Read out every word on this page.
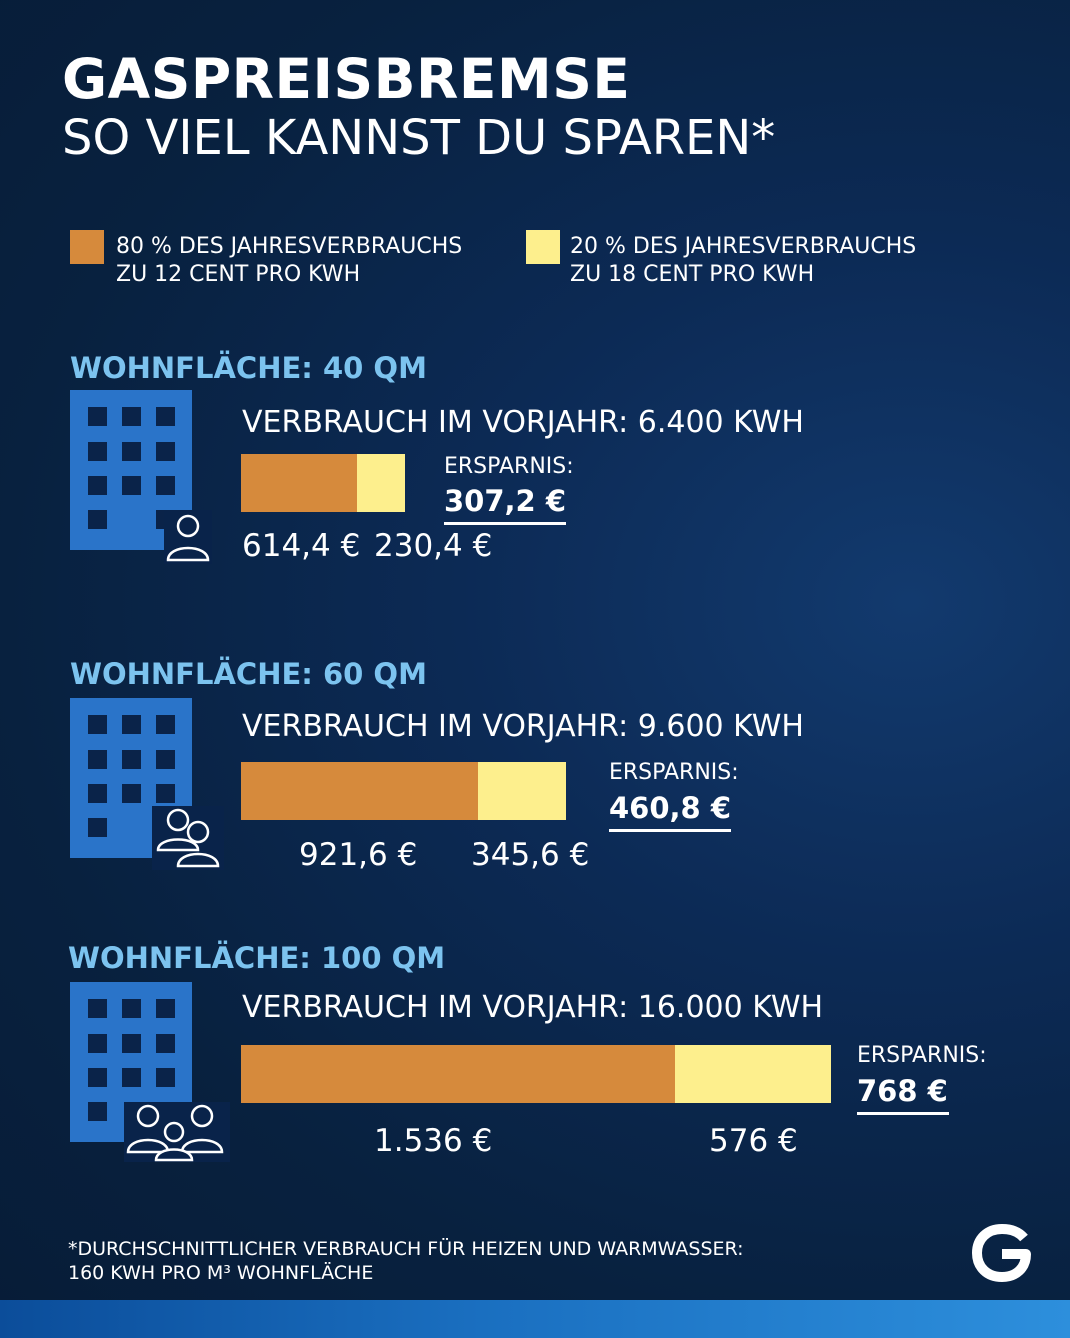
GASPREISBREMSE
SO VIEL KANNST DU SPAREN*
80 % DES JAHRESVERBRAUCHS
ZU 12 CENT PRO KWH
20 % DES JAHRESVERBRAUCHS
ZU 18 CENT PRO KWH
WOHNFLÄCHE: 40 QM
VERBRAUCH IM VORJAHR: 6.400 KWH
ERSPARNIS:
307,2 €
614,4 € 230,4 €
WOHNFLÄCHE: 60 QM
VERBRAUCH IM VORJAHR: 9.600 KWH
ERSPARNIS:
460,8 €
921,6 € 345,6 €
WOHNFLÄCHE: 100 QM
VERBRAUCH IM VORJAHR: 16.000 KWH
ERSPARNIS:
768 €
1.536 €	576 €
*DURCHSCHNITTLICHER VERBRAUCH FÜR HEIZEN UND WARMWASSER:
160 KWH PRO M³ WOHNFLÄCHE
